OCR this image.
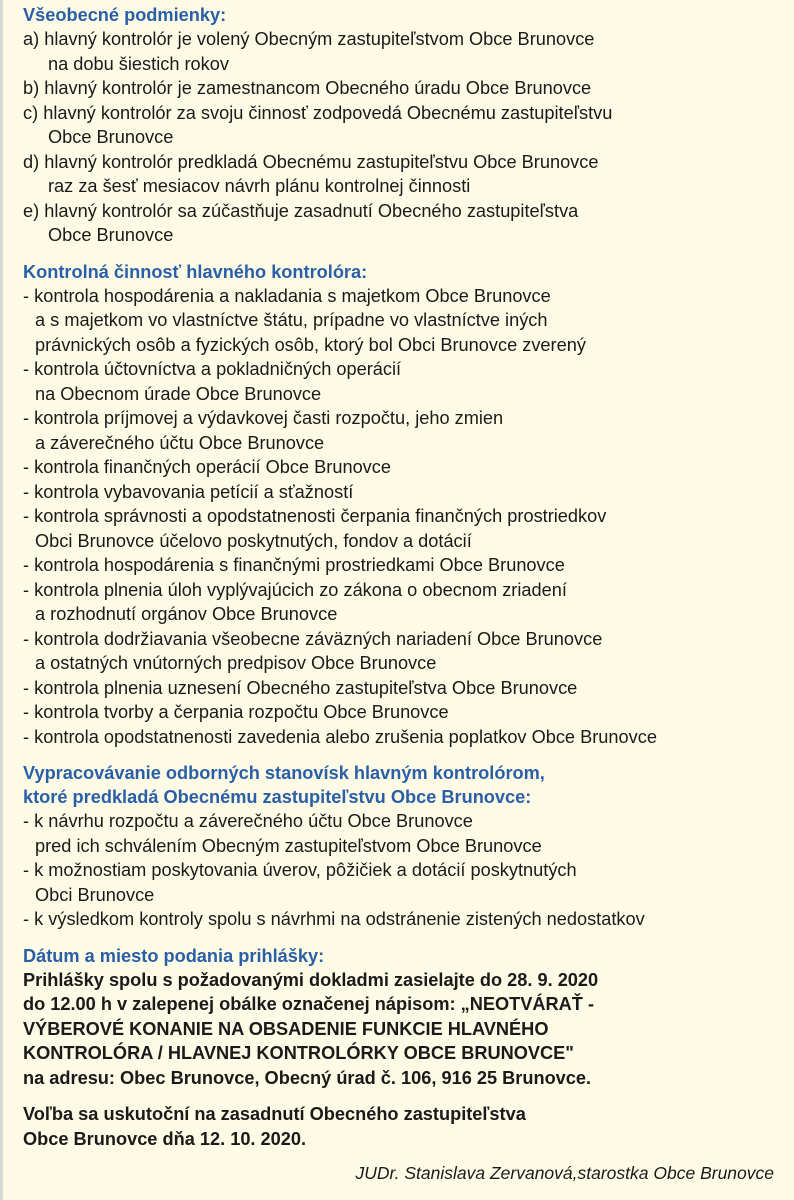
Všeobecné podmienky:

a) hlavný kontrolór je volený Obecným zastupiteľstvom Obce Brunovce

na dobu šiestich rokov

b) hlavný kontrolór je zamestnancom Obecného úradu Obce Brunovce

c) hlavný kontrolór za svoju činnosť zodpovedá Obecnému zastupiteľstvu

Obce Brunovce

d) hlavný kontrolór predkladá Obecnému zastupiteľstvu Obce Brunovce

raz za šesť mesiacov návrh plánu kontrolnej činnosti

e) hlavný kontrolór sa zúčastňuje zasadnutí Obecného zastupiteľstva

Obce Brunovce

Kontrolná činnosť hlavného kontrolóra:

- kontrola hospodárenia a nakladania s majetkom Obce Brunovce

a s majetkom vo vlastníctve štátu, prípadne vo vlastníctve iných

právnických osôb a fyzických osôb, ktorý bol Obci Brunovce zverený

- kontrola účtovníctva a pokladničných operácií

na Obecnom úrade Obce Brunovce

- kontrola príjmovej a výdavkovej časti rozpočtu, jeho zmien

a záverečného účtu Obce Brunovce

- kontrola finančných operácií Obce Brunovce

- kontrola vybavovania petícií a sťažností

- kontrola správnosti a opodstatnenosti čerpania finančných prostriedkov

Obci Brunovce účelovo poskytnutých, fondov a dotácií

- kontrola hospodárenia s finančnými prostriedkami Obce Brunovce

- kontrola plnenia úloh vyplývajúcich zo zákona o obecnom zriadení

a rozhodnutí orgánov Obce Brunovce

- kontrola dodržiavania všeobecne záväzných nariadení Obce Brunovce

a ostatných vnútorných predpisov Obce Brunovce

- kontrola plnenia uznesení Obecného zastupiteľstva Obce Brunovce

- kontrola tvorby a čerpania rozpočtu Obce Brunovce

- kontrola opodstatnenosti zavedenia alebo zrušenia poplatkov Obce Brunovce

Vypracovávanie odborných stanovísk hlavným kontrolórom,

ktoré predkladá Obecnému zastupiteľstvu Obce Brunovce:

- k návrhu rozpočtu a záverečného účtu Obce Brunovce

pred ich schválením Obecným zastupiteľstvom Obce Brunovce

- k možnostiam poskytovania úverov, pôžičiek a dotácií poskytnutých

Obci Brunovce

- k výsledkom kontroly spolu s návrhmi na odstránenie zistených nedostatkov

Dátum a miesto podania prihlášky:

Prihlášky spolu s požadovanými dokladmi zasielajte do 28. 9. 2020

do 12.00 h v zalepenej obálke označenej nápisom: „NEOTVÁRAŤ -

VÝBEROVÉ KONANIE NA OBSADENIE FUNKCIE HLAVNÉHO

KONTROLÓRA / HLAVNEJ KONTROLÓRKY OBCE BRUNOVCE"

na adresu: Obec Brunovce, Obecný úrad č. 106, 916 25 Brunovce.

Voľba sa uskutoční na zasadnutí Obecného zastupiteľstva

Obce Brunovce dňa 12. 10. 2020.

JUDr. Stanislava Zervanová,starostka Obce Brunovce
